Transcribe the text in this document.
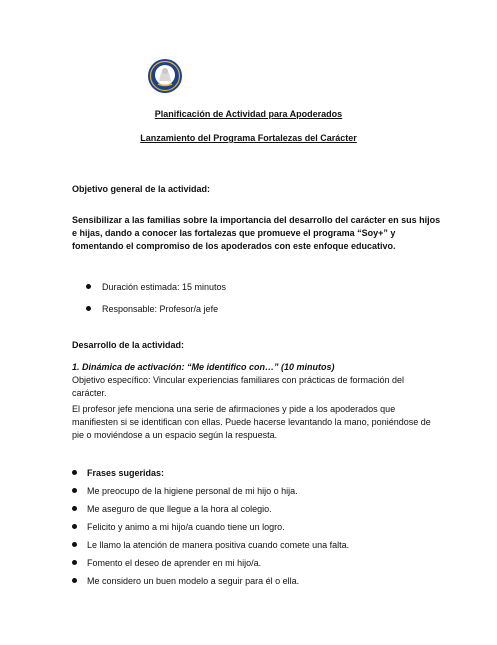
Planificación de Actividad para Apoderados
Lanzamiento del Programa Fortalezas del Carácter
Objetivo general de la actividad:
Sensibilizar a las familias sobre la importancia del desarrollo del carácter en sus hijos e hijas, dando a conocer las fortalezas que promueve el programa “Soy+” y fomentando el compromiso de los apoderados con este enfoque educativo.
Duración estimada: 15 minutos
Responsable: Profesor/a jefe
Desarrollo de la actividad:
1. Dinámica de activación: “Me identifico con…” (10 minutos)
Objetivo específico: Vincular experiencias familiares con prácticas de formación del carácter.
El profesor jefe menciona una serie de afirmaciones y pide a los apoderados que manifiesten si se identifican con ellas. Puede hacerse levantando la mano, poniéndose de pie o moviéndose a un espacio según la respuesta.
Frases sugeridas:
Me preocupo de la higiene personal de mi hijo o hija.
Me aseguro de que llegue a la hora al colegio.
Felicito y animo a mi hijo/a cuando tiene un logro.
Le llamo la atención de manera positiva cuando comete una falta.
Fomento el deseo de aprender en mi hijo/a.
Me considero un buen modelo a seguir para él o ella.
